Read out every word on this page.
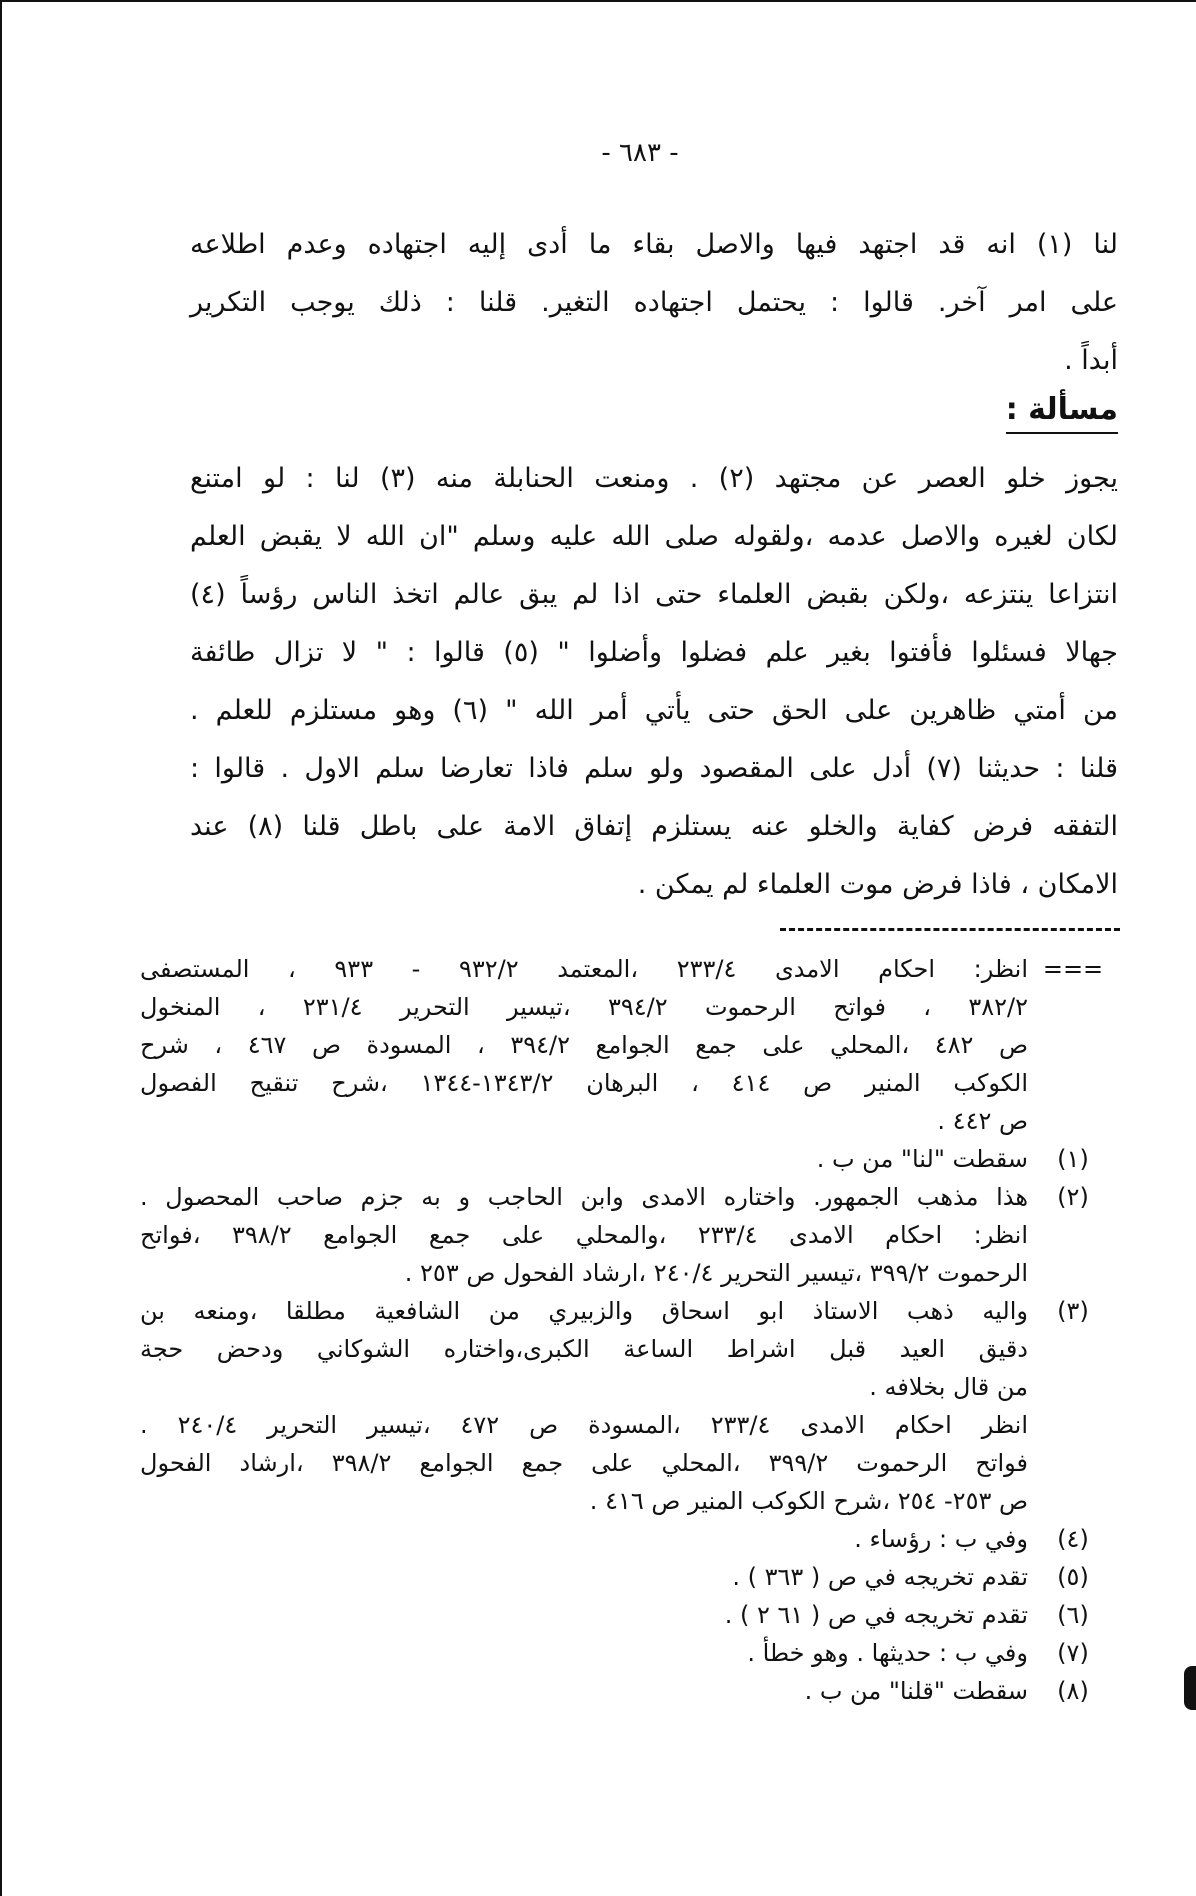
- ٦٨٣ -
لنا (١) انه قد اجتهد فيها والاصل بقاء ما أدى إليه اجتهاده وعدم اطلاعه
على امر آخر. قالوا : يحتمل اجتهاده التغير. قلنا : ذلك يوجب التكرير
أبداً .
مسألة :
يجوز خلو العصر عن مجتهد (٢) . ومنعت الحنابلة منه (٣) لنا : لو امتنع
لكان لغيره والاصل عدمه ،ولقوله صلى الله عليه وسلم "ان الله لا يقبض العلم
انتزاعا ينتزعه ،ولكن بقبض العلماء حتى اذا لم يبق عالم اتخذ الناس رؤساً (٤)
جهالا فسئلوا فأفتوا بغير علم فضلوا وأضلوا " (٥) قالوا : " لا تزال طائفة
من أمتي ظاهرين على الحق حتى يأتي أمر الله " (٦) وهو مستلزم للعلم .
قلنا : حديثنا (٧) أدل على المقصود ولو سلم فاذا تعارضا سلم الاول . قالوا :
التفقه فرض كفاية والخلو عنه يستلزم إتفاق الامة على باطل قلنا (٨) عند
الامكان ، فاذا فرض موت العلماء لم يمكن .
===
انظر: احكام الامدى ٢٣٣/٤ ،المعتمد ٩٣٢/٢ - ٩٣٣ ، المستصفى
٣٨٢/٢ ، فواتح الرحموت ٣٩٤/٢ ،تيسير التحرير ٢٣١/٤ ، المنخول
ص ٤٨٢ ،المحلي على جمع الجوامع ٣٩٤/٢ ، المسودة ص ٤٦٧ ، شرح
الكوكب المنير ص ٤١٤ ، البرهان ١٣٤٣/٢-١٣٤٤ ،شرح تنقيح الفصول
ص ٤٤٢ .
(١)
سقطت "لنا" من ب .
(٢)
هذا مذهب الجمهور. واختاره الامدى وابن الحاجب و به جزم صاحب المحصول .
انظر: احكام الامدى ٢٣٣/٤ ،والمحلي على جمع الجوامع ٣٩٨/٢ ،فواتح
الرحموت ٣٩٩/٢ ،تيسير التحرير ٢٤٠/٤ ،ارشاد الفحول ص ٢٥٣ .
(٣)
واليه ذهب الاستاذ ابو اسحاق والزبيري من الشافعية مطلقا ،ومنعه بن
دقيق العيد قبل اشراط الساعة الكبرى،واختاره الشوكاني ودحض حجة
من قال بخلافه .
انظر احكام الامدى ٢٣٣/٤ ،المسودة ص ٤٧٢ ،تيسير التحرير ٢٤٠/٤ .
فواتح الرحموت ٣٩٩/٢ ،المحلي على جمع الجوامع ٣٩٨/٢ ،ارشاد الفحول
ص ٢٥٣- ٢٥٤ ،شرح الكوكب المنير ص ٤١٦ .
(٤)
وفي ب : رؤساء .
(٥)
تقدم تخريجه في ص ( ٣٦٣ ) .
(٦)
تقدم تخريجه في ص ( ٦١ ٢ ) .
(٧)
وفي ب : حديثها . وهو خطأ .
(٨)
سقطت "قلنا" من ب .
